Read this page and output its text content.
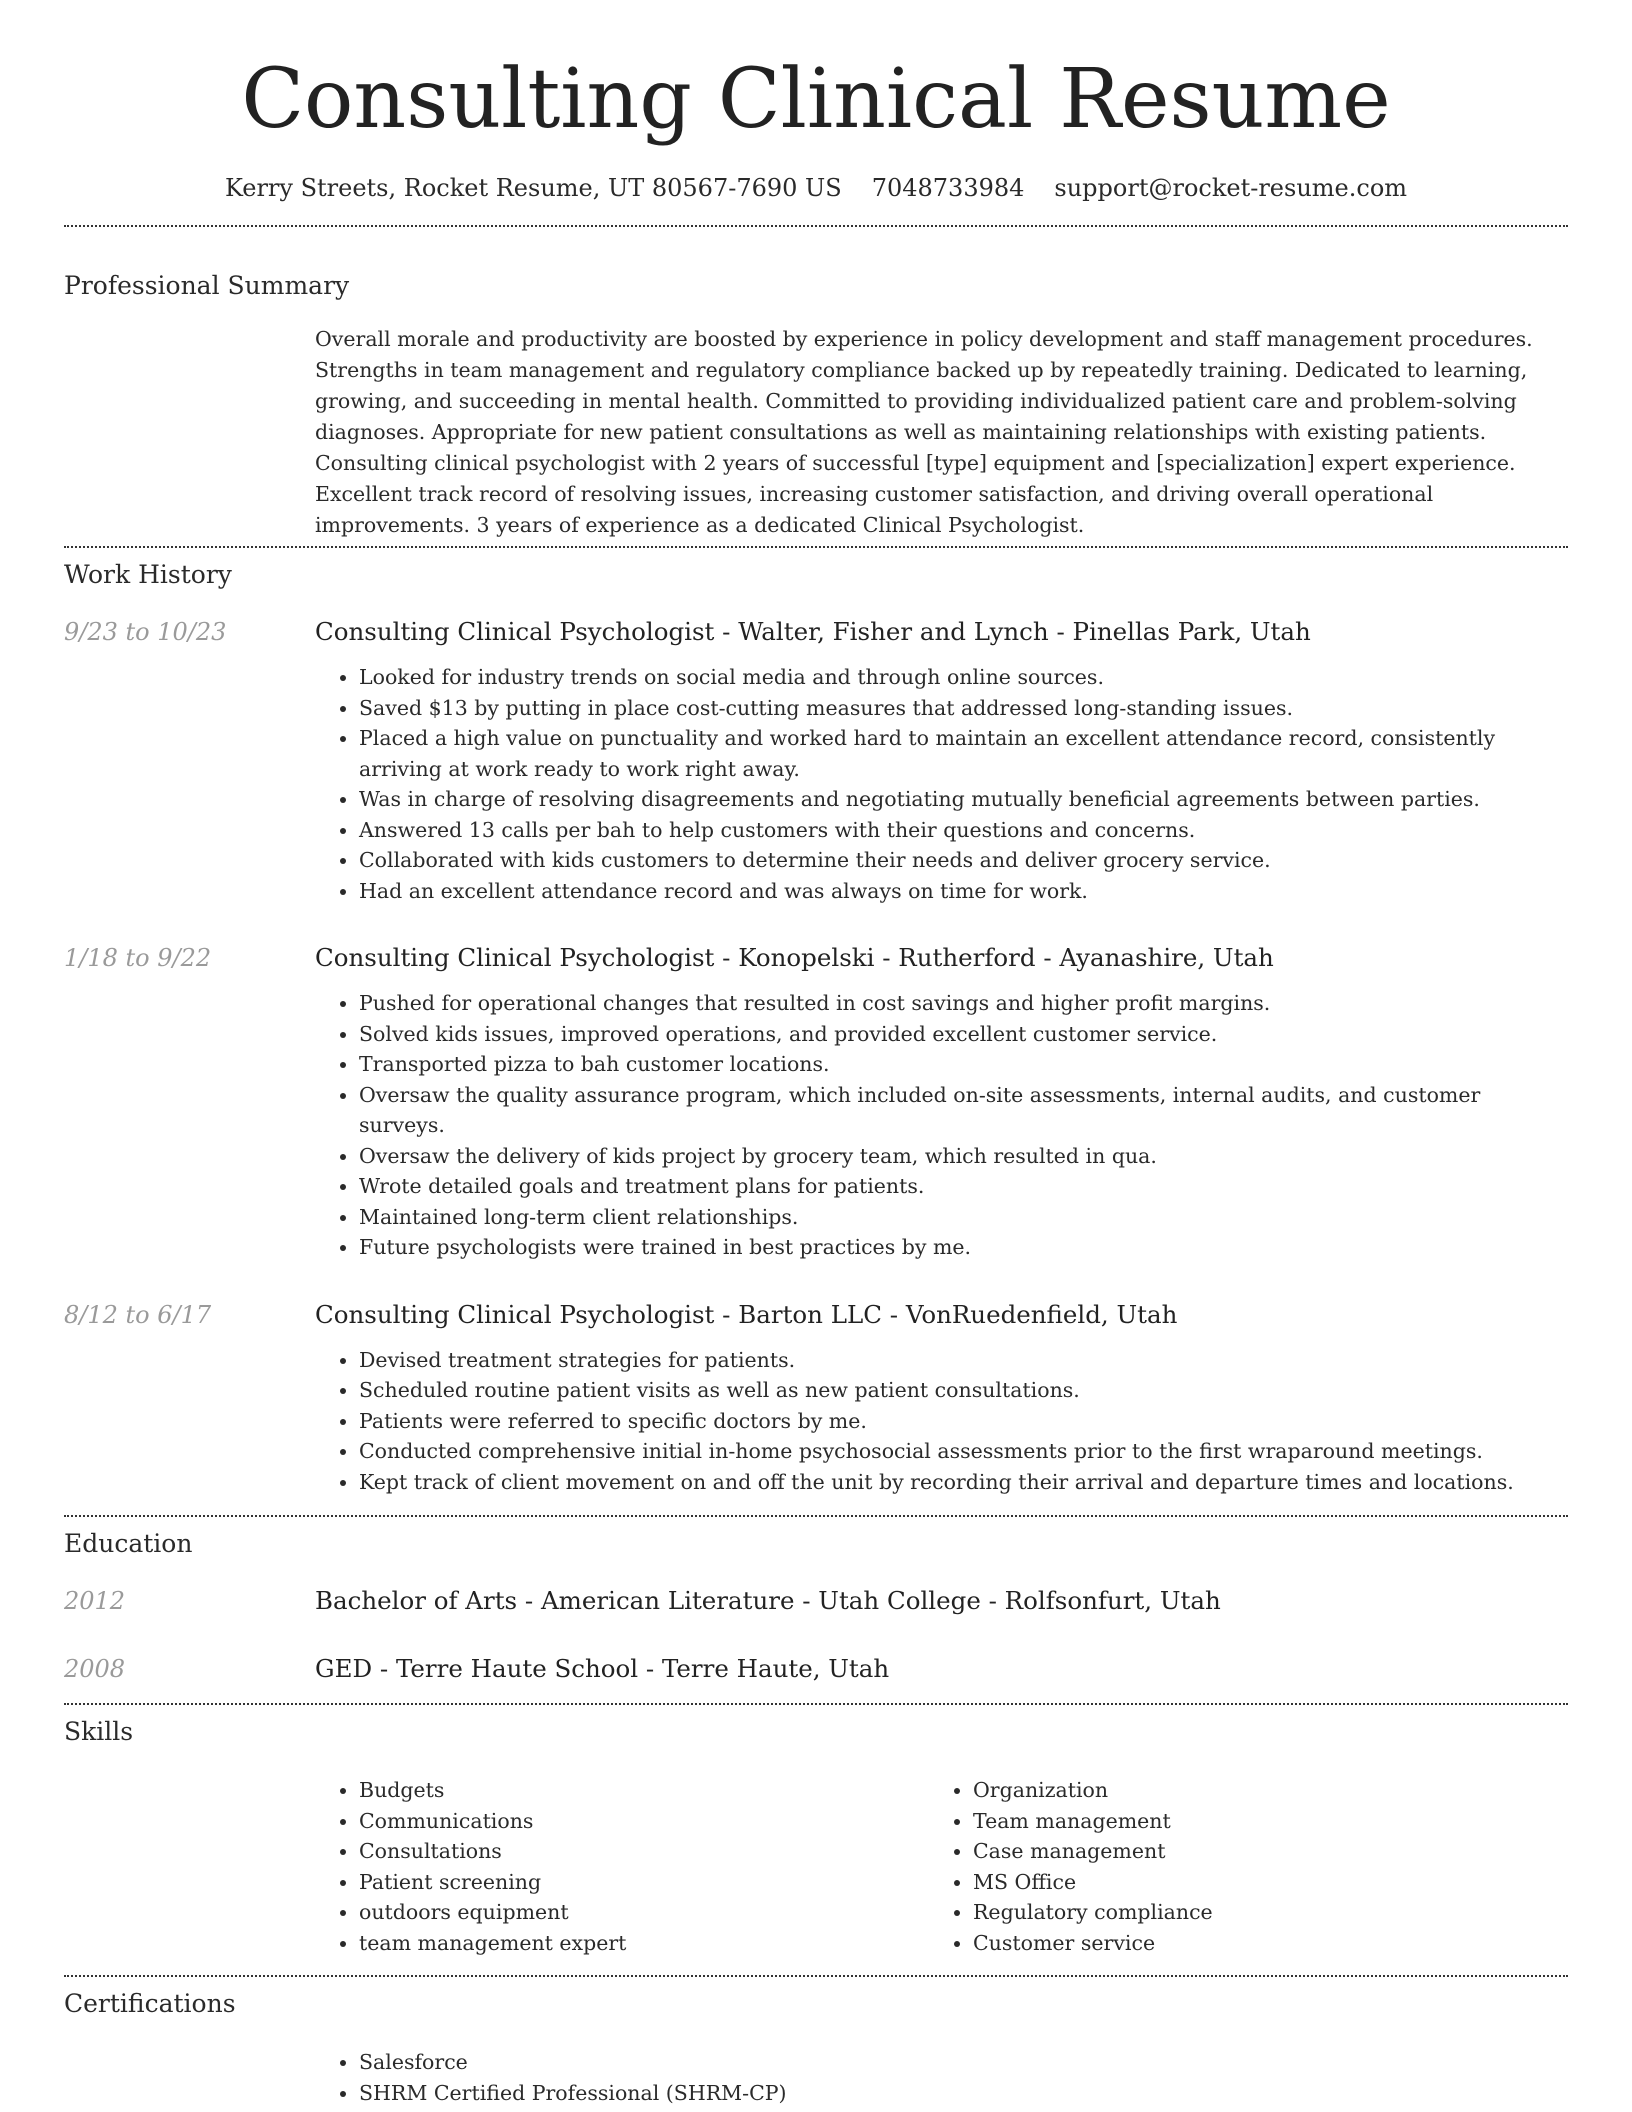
Consulting Clinical Resume
Kerry Streets, Rocket Resume, UT 80567-7690 US 7048733984 support@rocket-resume.com
Professional Summary

Overall morale and productivity are boosted by experience in policy development and staff management procedures. Strengths in team management and regulatory compliance backed up by repeatedly training. Dedicated to learning, growing, and succeeding in mental health. Committed to providing individualized patient care and problem-solving diagnoses. Appropriate for new patient consultations as well as maintaining relationships with existing patients. Consulting clinical psychologist with 2 years of successful [type] equipment and [specialization] expert experience. Excellent track record of resolving issues, increasing customer satisfaction, and driving overall operational improvements. 3 years of experience as a dedicated Clinical Psychologist.

Work History
9/23 to 10/23	Consulting Clinical Psychologist - Walter, Fisher and Lynch - Pinellas Park, Utah
• Looked for industry trends on social media and through online sources.
• Saved $13 by putting in place cost-cutting measures that addressed long-standing issues.
• Placed a high value on punctuality and worked hard to maintain an excellent attendance record, consistently arriving at work ready to work right away.
• Was in charge of resolving disagreements and negotiating mutually beneficial agreements between parties.
• Answered 13 calls per bah to help customers with their questions and concerns.
• Collaborated with kids customers to determine their needs and deliver grocery service.
• Had an excellent attendance record and was always on time for work.
1/18 to 9/22	Consulting Clinical Psychologist - Konopelski - Rutherford - Ayanashire, Utah
• Pushed for operational changes that resulted in cost savings and higher profit margins.
• Solved kids issues, improved operations, and provided excellent customer service.
• Transported pizza to bah customer locations.
• Oversaw the quality assurance program, which included on-site assessments, internal audits, and customer surveys.
• Oversaw the delivery of kids project by grocery team, which resulted in qua.
• Wrote detailed goals and treatment plans for patients.
• Maintained long-term client relationships.
• Future psychologists were trained in best practices by me.
8/12 to 6/17	Consulting Clinical Psychologist - Barton LLC - VonRuedenfield, Utah
• Devised treatment strategies for patients.
• Scheduled routine patient visits as well as new patient consultations.
• Patients were referred to specific doctors by me.
• Conducted comprehensive initial in-home psychosocial assessments prior to the first wraparound meetings.
• Kept track of client movement on and off the unit by recording their arrival and departure times and locations.
Education
2012	Bachelor of Arts - American Literature - Utah College - Rolfsonfurt, Utah
2008	GED - Terre Haute School - Terre Haute, Utah
Skills
• Budgets
• Communications
• Consultations
• Patient screening
• outdoors equipment
• team management expert
• Organization
• Team management
• Case management
• MS Office
• Regulatory compliance
• Customer service
Certifications
• Salesforce
• SHRM Certified Professional (SHRM-CP)
